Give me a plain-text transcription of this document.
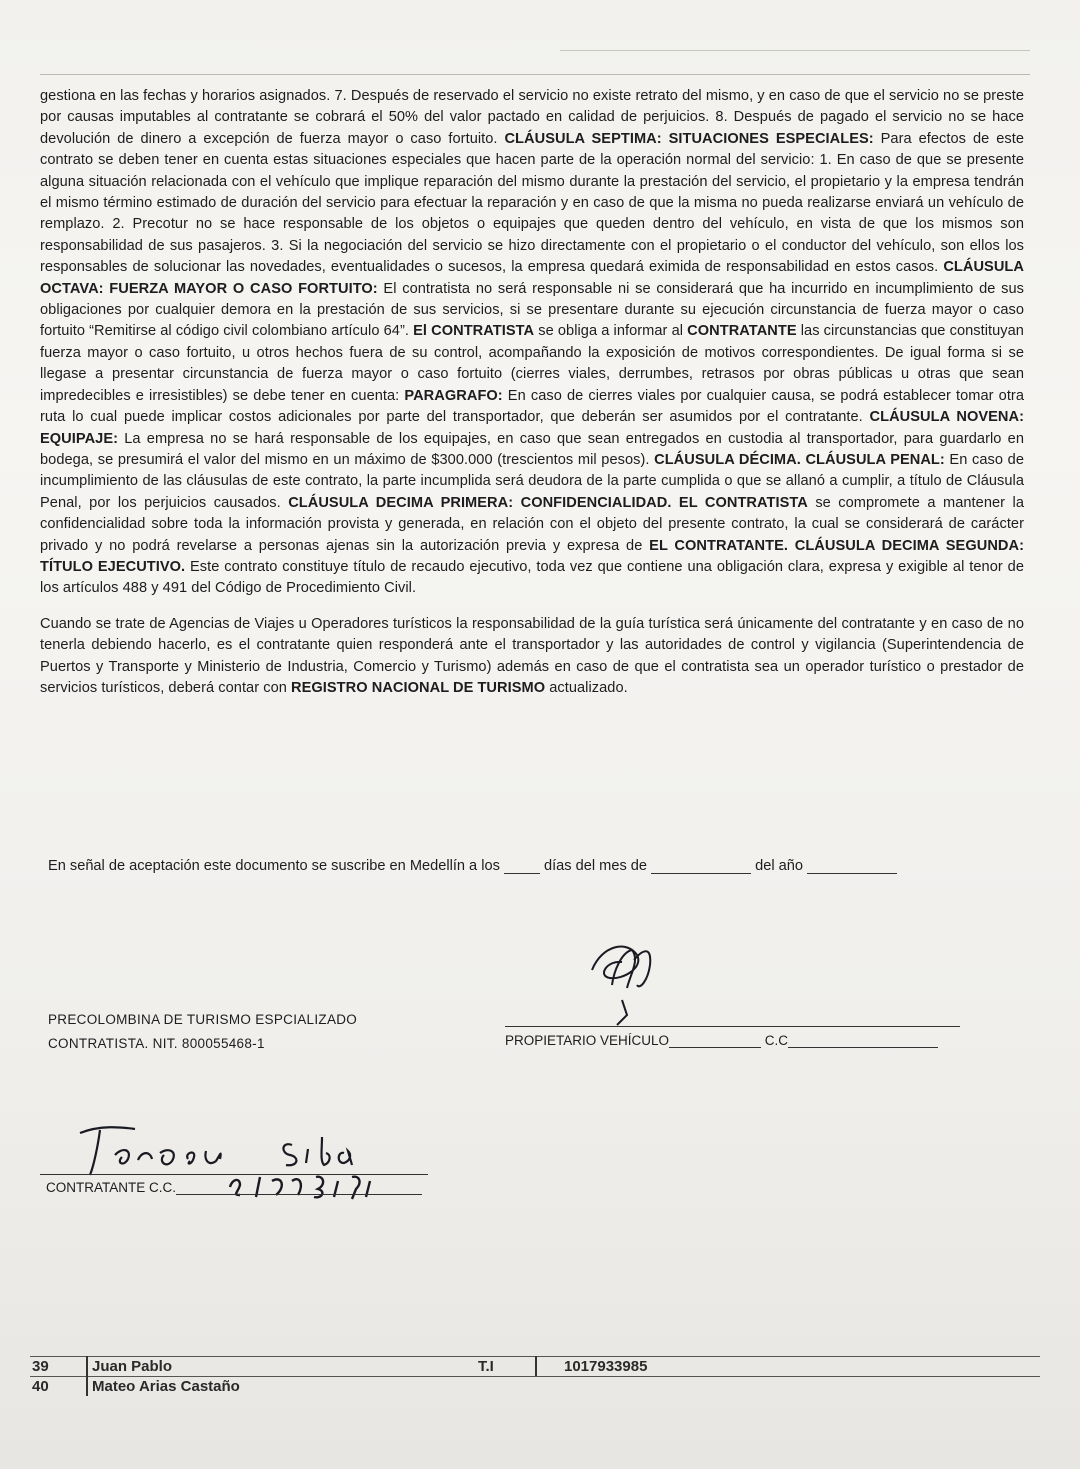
gestiona en las fechas y horarios asignados. 7. Después de reservado el servicio no existe retrato del mismo, y en caso de que el servicio no se preste por causas imputables al contratante se cobrará el 50% del valor pactado en calidad de perjuicios. 8. Después de pagado el servicio no se hace devolución de dinero a excepción de fuerza mayor o caso fortuito. CLÁUSULA SEPTIMA: SITUACIONES ESPECIALES: Para efectos de este contrato se deben tener en cuenta estas situaciones especiales que hacen parte de la operación normal del servicio: 1. En caso de que se presente alguna situación relacionada con el vehículo que implique reparación del mismo durante la prestación del servicio, el propietario y la empresa tendrán el mismo término estimado de duración del servicio para efectuar la reparación y en caso de que la misma no pueda realizarse enviará un vehículo de remplazo. 2. Precotur no se hace responsable de los objetos o equipajes que queden dentro del vehículo, en vista de que los mismos son responsabilidad de sus pasajeros. 3. Si la negociación del servicio se hizo directamente con el propietario o el conductor del vehículo, son ellos los responsables de solucionar las novedades, eventualidades o sucesos, la empresa quedará eximida de responsabilidad en estos casos. CLÁUSULA OCTAVA: FUERZA MAYOR O CASO FORTUITO: El contratista no será responsable ni se considerará que ha incurrido en incumplimiento de sus obligaciones por cualquier demora en la prestación de sus servicios, si se presentare durante su ejecución circunstancia de fuerza mayor o caso fortuito “Remitirse al código civil colombiano artículo 64”. El CONTRATISTA se obliga a informar al CONTRATANTE las circunstancias que constituyan fuerza mayor o caso fortuito, u otros hechos fuera de su control, acompañando la exposición de motivos correspondientes. De igual forma si se llegase a presentar circunstancia de fuerza mayor o caso fortuito (cierres viales, derrumbes, retrasos por obras públicas u otras que sean impredecibles e irresistibles) se debe tener en cuenta: PARAGRAFO: En caso de cierres viales por cualquier causa, se podrá establecer tomar otra ruta lo cual puede implicar costos adicionales por parte del transportador, que deberán ser asumidos por el contratante. CLÁUSULA NOVENA: EQUIPAJE: La empresa no se hará responsable de los equipajes, en caso que sean entregados en custodia al transportador, para guardarlo en bodega, se presumirá el valor del mismo en un máximo de $300.000 (trescientos mil pesos). CLÁUSULA DÉCIMA. CLÁUSULA PENAL: En caso de incumplimiento de las cláusulas de este contrato, la parte incumplida será deudora de la parte cumplida o que se allanó a cumplir, a título de Cláusula Penal, por los perjuicios causados. CLÁUSULA DECIMA PRIMERA: CONFIDENCIALIDAD. EL CONTRATISTA se compromete a mantener la confidencialidad sobre toda la información provista y generada, en relación con el objeto del presente contrato, la cual se considerará de carácter privado y no podrá revelarse a personas ajenas sin la autorización previa y expresa de EL CONTRATANTE. CLÁUSULA DECIMA SEGUNDA: TÍTULO EJECUTIVO. Este contrato constituye título de recaudo ejecutivo, toda vez que contiene una obligación clara, expresa y exigible al tenor de los artículos 488 y 491 del Código de Procedimiento Civil.

Cuando se trate de Agencias de Viajes u Operadores turísticos la responsabilidad de la guía turística será únicamente del contratante y en caso de no tenerla debiendo hacerlo, es el contratante quien responderá ante el transportador y las autoridades de control y vigilancia (Superintendencia de Puertos y Transporte y Ministerio de Industria, Comercio y Turismo) además en caso de que el contratista sea un operador turístico o prestador de servicios turísticos, deberá contar con REGISTRO NACIONAL DE TURISMO actualizado.

En señal de aceptación este documento se suscribe en Medellín a los	días del mes de	del año
PRECOLOMBINA DE TURISMO ESPCIALIZADO
CONTRATISTA. NIT. 800055468-1	PROPIETARIO VEHÍCULO	C.C
CONTRATANTE C.C.
39	Juan Pablo	T.I	1017933985
40	Mateo Arias Castaño
